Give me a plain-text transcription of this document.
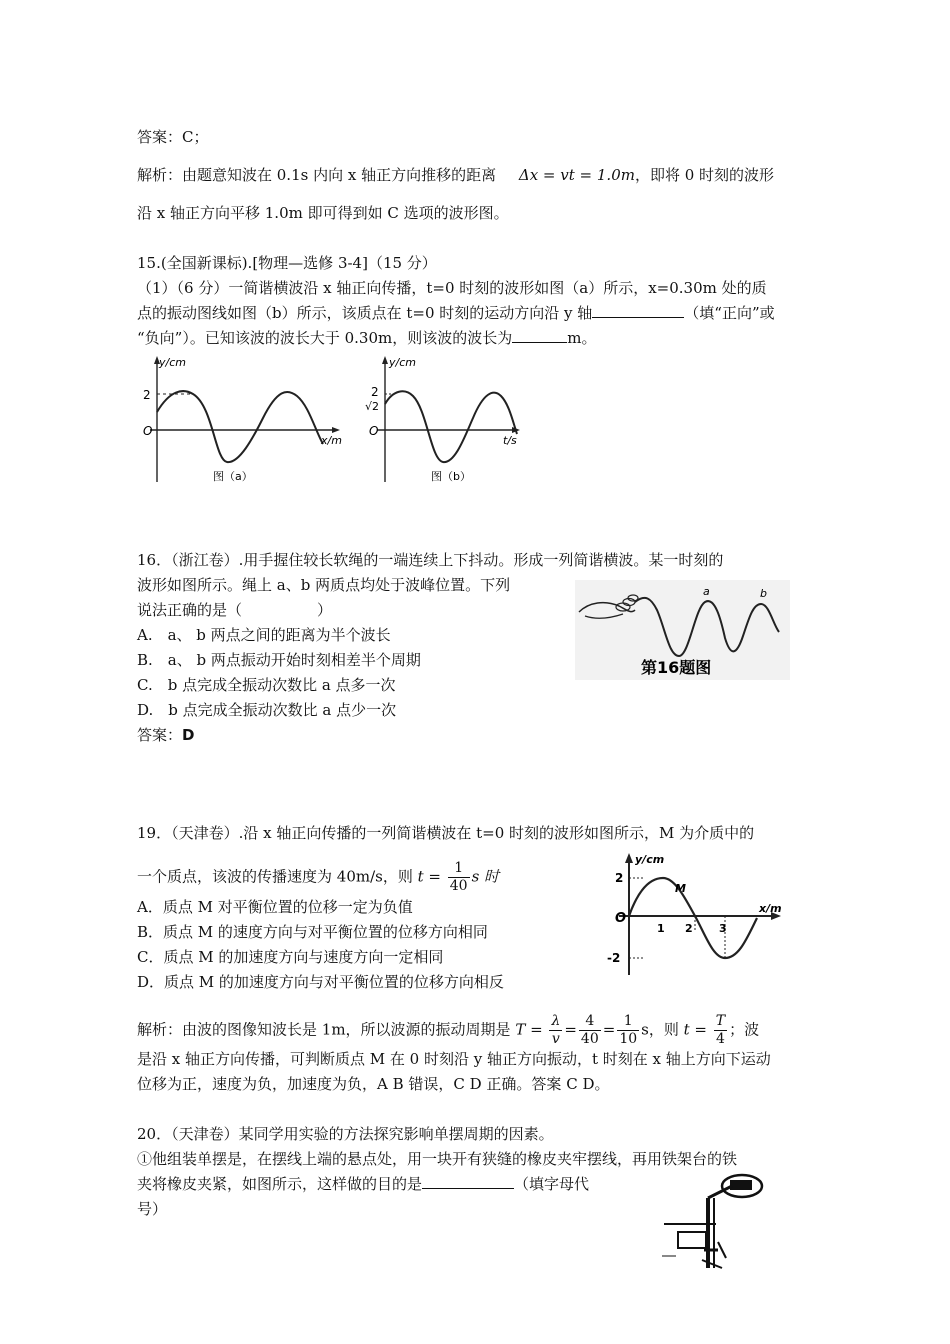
答案：C；
解析：由题意知波在 0.1s 内向 x 轴正方向推移的距离 Δx = vt = 1.0m，即将 0 时刻的波形
沿 x 轴正方向平移 1.0m 即可得到如 C 选项的波形图。
15.(全国新课标).[物理—选修 3-4]（15 分）
（1）（6 分）一简谐横波沿 x 轴正向传播，t=0 时刻的波形如图（a）所示，x=0.30m 处的质
点的振动图线如图（b）所示，该质点在 t=0 时刻的运动方向沿 y 轴	（填“正向”或
“负向”）。已知该波的波长大于 0.30m，则该波的波长为	m。
y/cm
2
O
x/m
图（a）
y/cm
2
√2
O
t/s
图（b）
16．（浙江卷）.用手握住较长软绳的一端连续上下抖动。形成一列简谐横波。某一时刻的
波形如图所示。绳上 a、b 两质点均处于波峰位置。下列
说法正确的是（　　　　　）
A.　a、 b 两点之间的距离为半个波长
B.　a、 b 两点振动开始时刻相差半个周期
C.　b 点完成全振动次数比 a 点多一次
D.　b 点完成全振动次数比 a 点少一次
答案：D
a	b
第16题图
19．（天津卷）.沿 x 轴正向传播的一列简谐横波在 t=0 时刻的波形如图所示，M 为介质中的
一个质点，该波的传播速度为 40m/s，则 $t = \frac{1}{40}$ s 时
A．质点 M 对平衡位置的位移一定为负值
B．质点 M 的速度方向与对平衡位置的位移方向相同
C．质点 M 的加速度方向与速度方向一定相同
D．质点 M 的加速度方向与对平衡位置的位移方向相反
y/cm
2
-2
O
1 2 3
x/m
M
解析：由波的图像知波长是 1m，所以波源的振动周期是 $T = \frac{\lambda}{v} = \frac{4}{40} = \frac{1}{10}$ s，则 $t = \frac{T}{4}$ ；波
是沿 x 轴正方向传播，可判断质点 M 在 0 时刻沿 y 轴正方向振动，t 时刻在 x 轴上方向下运动
位移为正，速度为负，加速度为负，A B 错误，C D 正确。答案 C D。
20．（天津卷）某同学用实验的方法探究影响单摆周期的因素。
①他组装单摆是，在摆线上端的悬点处，用一块开有狭缝的橡皮夹牢摆线，再用铁架台的铁
夹将橡皮夹紧，如图所示，这样做的目的是	（填字母代
号）
